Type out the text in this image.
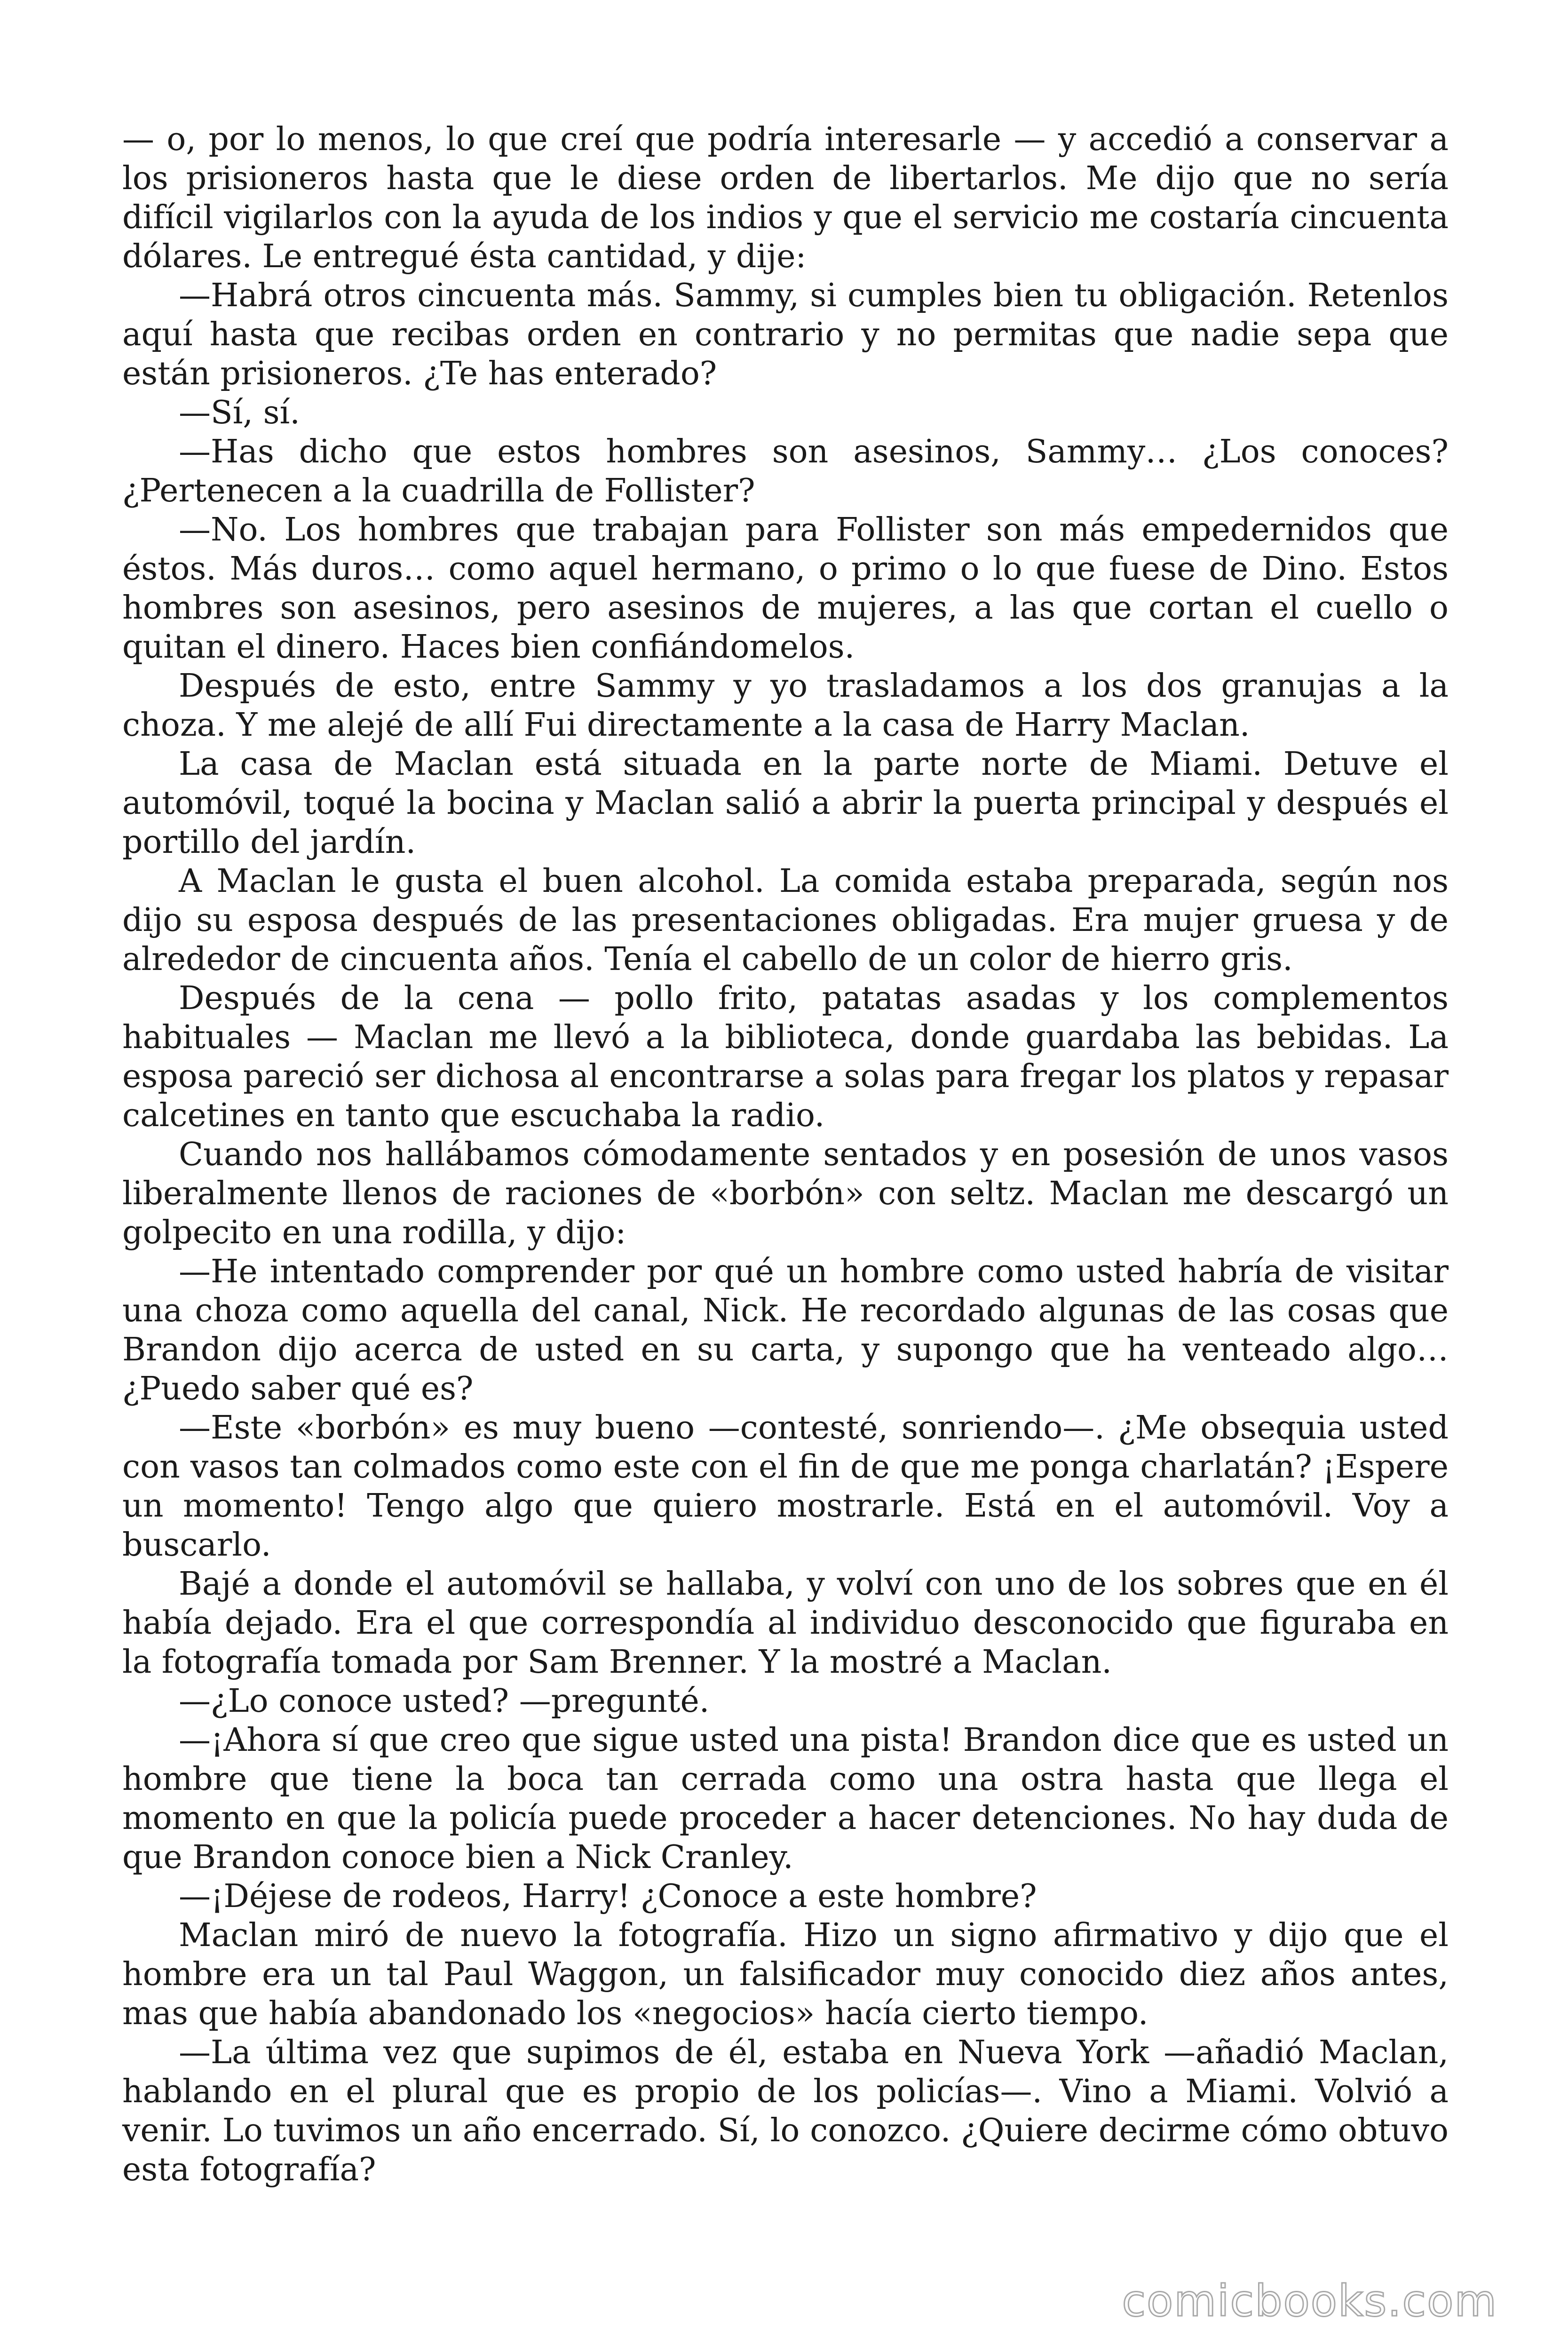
— o, por lo menos, lo que creí que podría interesarle — y accedió a conservar a los prisioneros hasta que le diese orden de libertarlos. Me dijo que no sería difícil vigilarlos con la ayuda de los indios y que el servicio me costaría cincuenta dólares. Le entregué ésta cantidad, y dije:

—Habrá otros cincuenta más. Sammy, si cumples bien tu obligación. Retenlos aquí hasta que recibas orden en contrario y no permitas que nadie sepa que están prisioneros. ¿Te has enterado?

—Sí, sí.

—Has dicho que estos hombres son asesinos, Sammy… ¿Los conoces? ¿Pertenecen a la cuadrilla de Follister?

—No. Los hombres que trabajan para Follister son más empedernidos que éstos. Más duros… como aquel hermano, o primo o lo que fuese de Dino. Estos hombres son asesinos, pero asesinos de mujeres, a las que cortan el cuello o quitan el dinero. Haces bien confiándomelos.

Después de esto, entre Sammy y yo trasladamos a los dos granujas a la choza. Y me alejé de allí Fui directamente a la casa de Harry Maclan.

La casa de Maclan está situada en la parte norte de Miami. Detuve el automóvil, toqué la bocina y Maclan salió a abrir la puerta principal y después el portillo del jardín.

A Maclan le gusta el buen alcohol. La comida estaba preparada, según nos dijo su esposa después de las presentaciones obligadas. Era mujer gruesa y de alrededor de cincuenta años. Tenía el cabello de un color de hierro gris.

Después de la cena — pollo frito, patatas asadas y los complementos habituales — Maclan me llevó a la biblioteca, donde guardaba las bebidas. La esposa pareció ser dichosa al encontrarse a solas para fregar los platos y repasar calcetines en tanto que escuchaba la radio.

Cuando nos hallábamos cómodamente sentados y en posesión de unos vasos liberalmente llenos de raciones de «borbón» con seltz. Maclan me descargó un golpecito en una rodilla, y dijo:

—He intentado comprender por qué un hombre como usted habría de visitar una choza como aquella del canal, Nick. He recordado algunas de las cosas que Brandon dijo acerca de usted en su carta, y supongo que ha venteado algo… ¿Puedo saber qué es?

—Este «borbón» es muy bueno —contesté, sonriendo—. ¿Me obsequia usted con vasos tan colmados como este con el fin de que me ponga charlatán? ¡Espere un momento! Tengo algo que quiero mostrarle. Está en el automóvil. Voy a buscarlo.

Bajé a donde el automóvil se hallaba, y volví con uno de los sobres que en él había dejado. Era el que correspondía al individuo desconocido que figuraba en la fotografía tomada por Sam Brenner. Y la mostré a Maclan.

—¿Lo conoce usted? —pregunté.

—¡Ahora sí que creo que sigue usted una pista! Brandon dice que es usted un hombre que tiene la boca tan cerrada como una ostra hasta que llega el momento en que la policía puede proceder a hacer detenciones. No hay duda de que Brandon conoce bien a Nick Cranley.

—¡Déjese de rodeos, Harry! ¿Conoce a este hombre?

Maclan miró de nuevo la fotografía. Hizo un signo afirmativo y dijo que el hombre era un tal Paul Waggon, un falsificador muy conocido diez años antes, mas que había abandonado los «negocios» hacía cierto tiempo.

—La última vez que supimos de él, estaba en Nueva York —añadió Maclan, hablando en el plural que es propio de los policías—. Vino a Miami. Volvió a venir. Lo tuvimos un año encerrado. Sí, lo conozco. ¿Quiere decirme cómo obtuvo esta fotografía?

comicbooks.com
